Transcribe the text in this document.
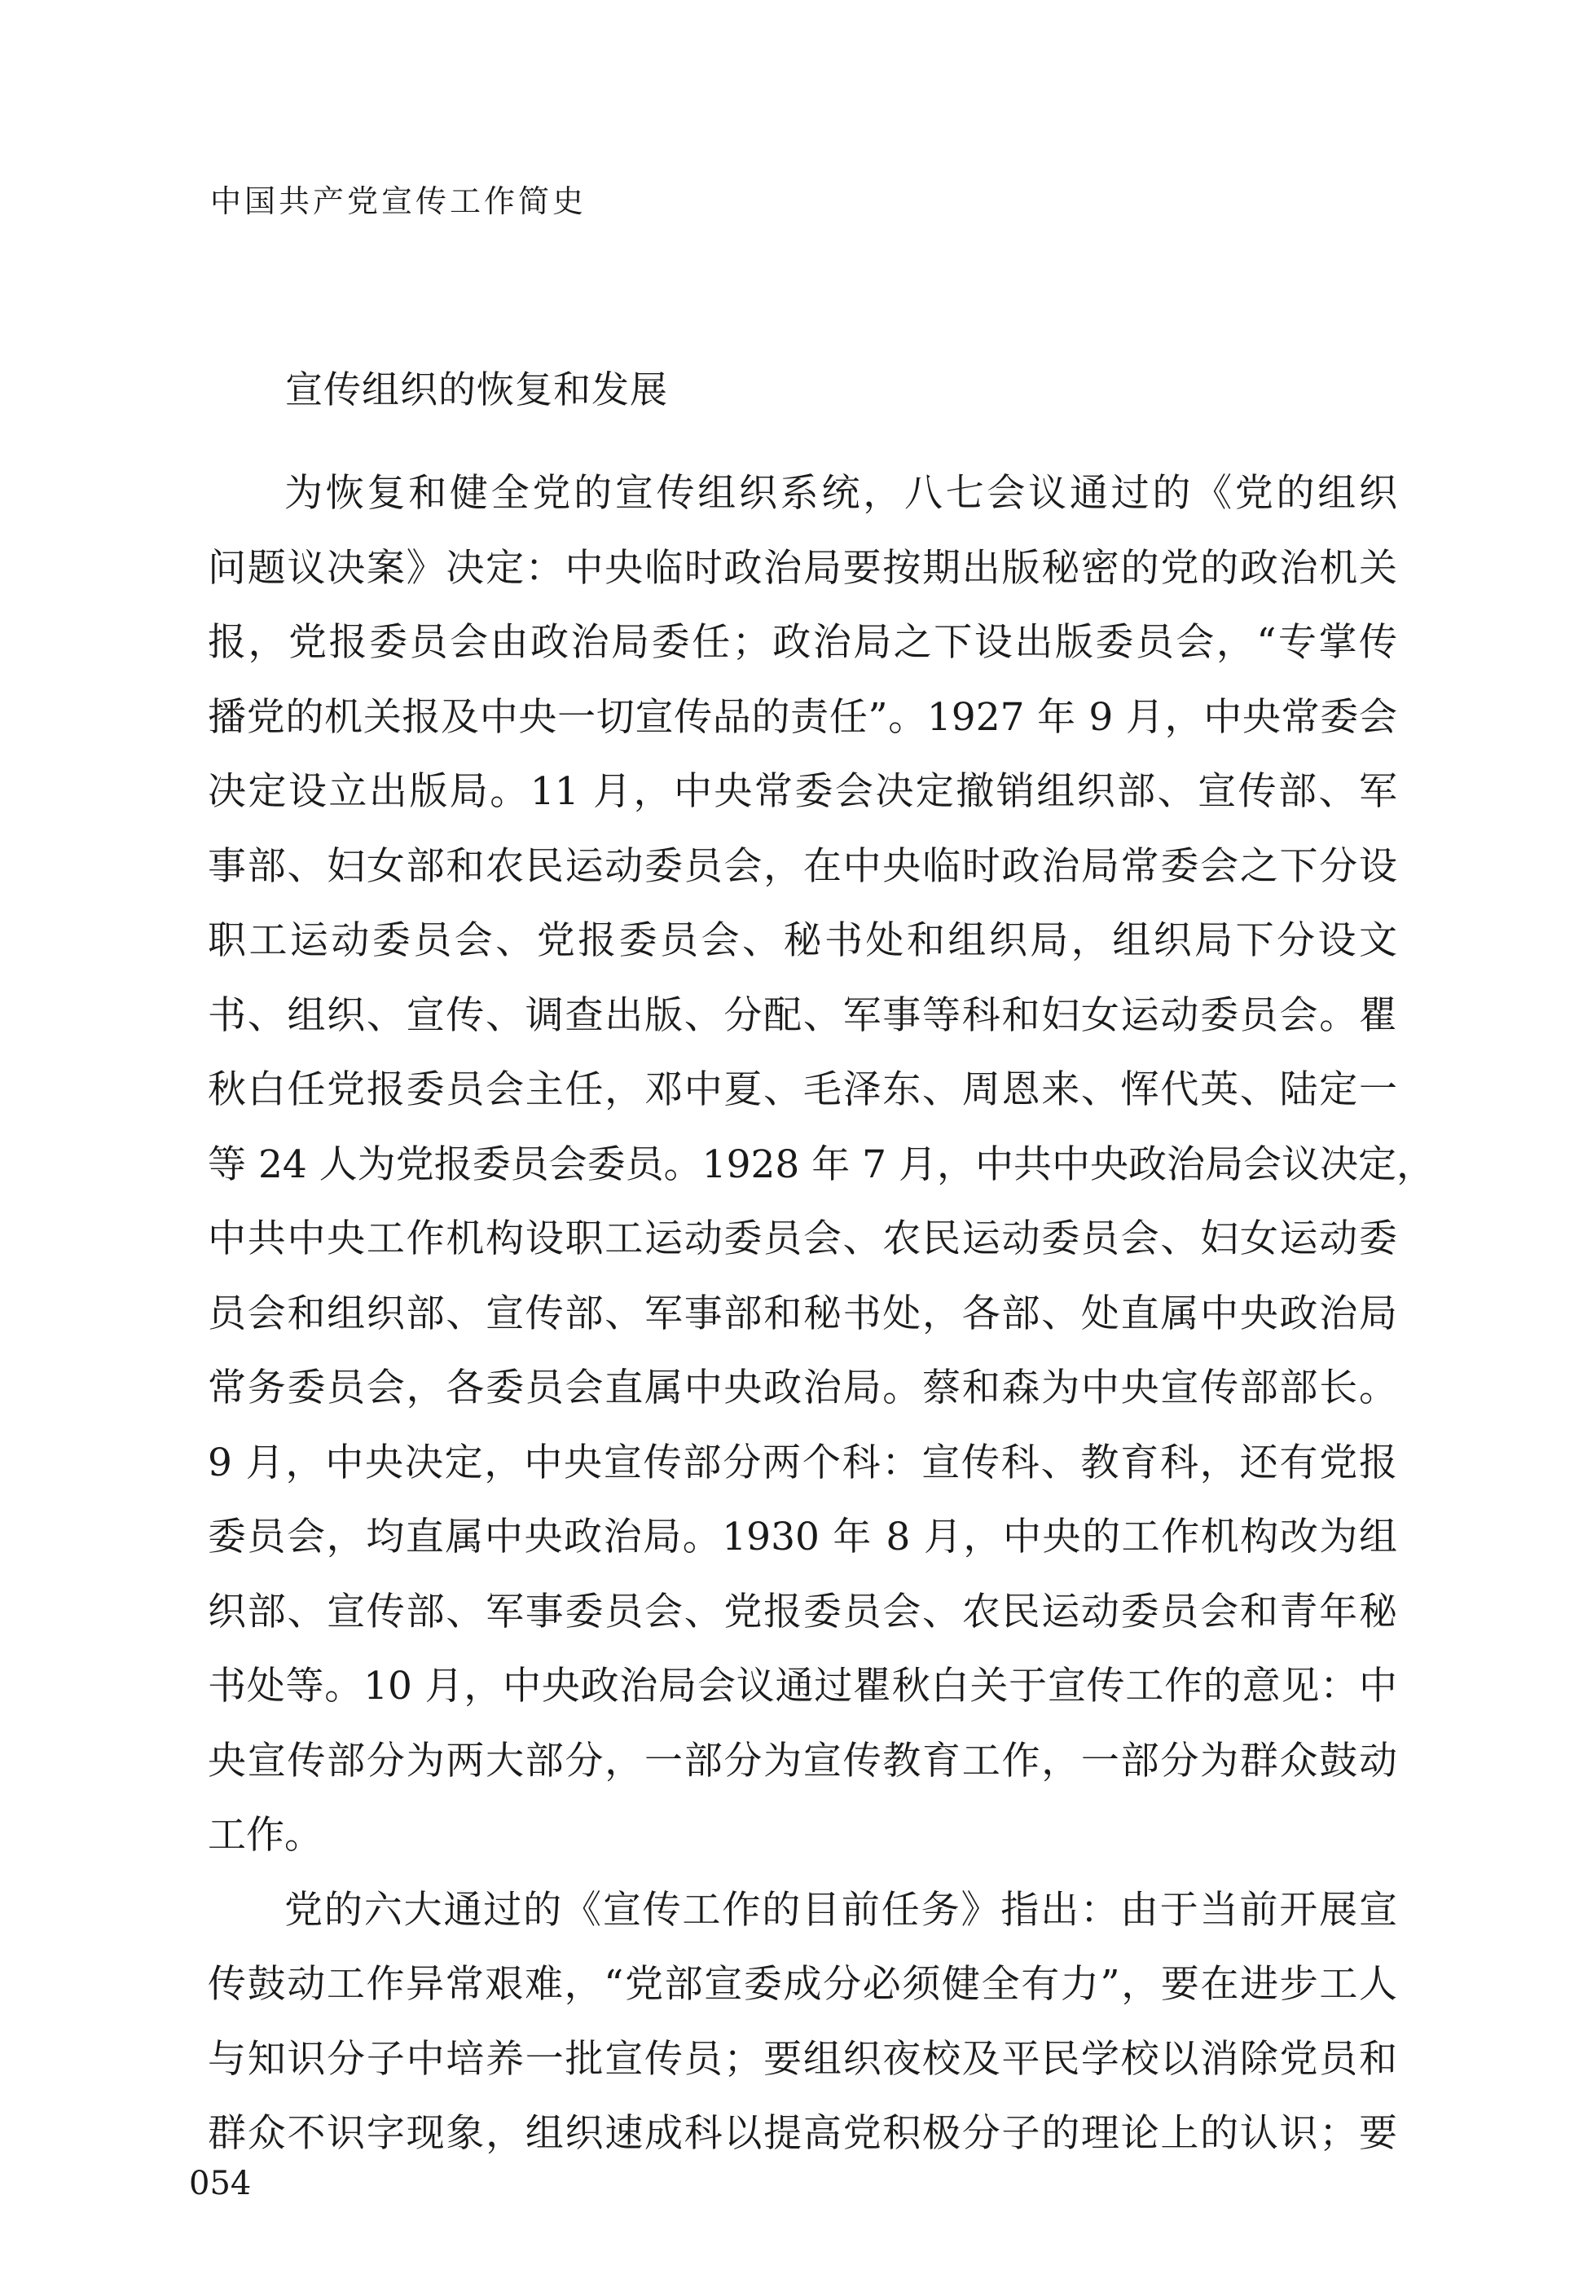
中国共产党宣传工作简史
宣传组织的恢复和发展
为恢复和健全党的宣传组织系统，八七会议通过的《党的组织
问题议决案》决定：中央临时政治局要按期出版秘密的党的政治机关
报，党报委员会由政治局委任；政治局之下设出版委员会，“专掌传
播党的机关报及中央一切宣传品的责任”。1927 年 9 月，中央常委会
决定设立出版局。11 月，中央常委会决定撤销组织部、宣传部、军
事部、妇女部和农民运动委员会，在中央临时政治局常委会之下分设
职工运动委员会、党报委员会、秘书处和组织局，组织局下分设文
书、组织、宣传、调查出版、分配、军事等科和妇女运动委员会。瞿
秋白任党报委员会主任，邓中夏、毛泽东、周恩来、恽代英、陆定一
等 24 人为党报委员会委员。1928 年 7 月，中共中央政治局会议决定，
中共中央工作机构设职工运动委员会、农民运动委员会、妇女运动委
员会和组织部、宣传部、军事部和秘书处，各部、处直属中央政治局
常务委员会，各委员会直属中央政治局。蔡和森为中央宣传部部长。
9 月，中央决定，中央宣传部分两个科：宣传科、教育科，还有党报
委员会，均直属中央政治局。1930 年 8 月，中央的工作机构改为组
织部、宣传部、军事委员会、党报委员会、农民运动委员会和青年秘
书处等。10 月，中央政治局会议通过瞿秋白关于宣传工作的意见：中
央宣传部分为两大部分，一部分为宣传教育工作，一部分为群众鼓动
工作。
党的六大通过的《宣传工作的目前任务》指出：由于当前开展宣
传鼓动工作异常艰难，“党部宣委成分必须健全有力”，要在进步工人
与知识分子中培养一批宣传员；要组织夜校及平民学校以消除党员和
群众不识字现象，组织速成科以提高党积极分子的理论上的认识；要
054
